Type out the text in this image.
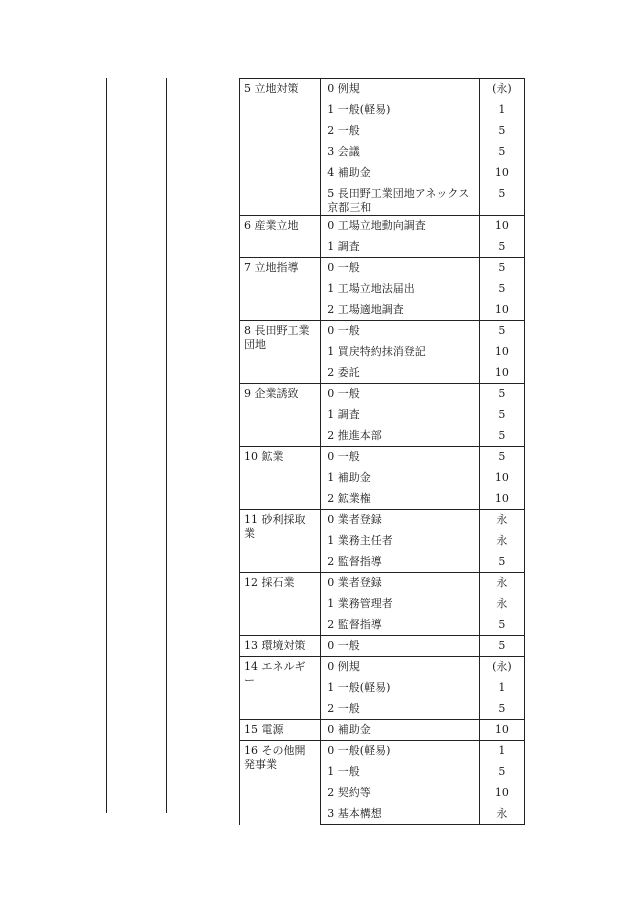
5 立地対策	0 例規	(永)
	1 一般(軽易)	1
	2 一般	5
	3 会議	5
	4 補助金	10
	5 長田野工業団地アネックス京都三和	5
6 産業立地	0 工場立地動向調査	10
	1 調査	5
7 立地指導	0 一般	5
	1 工場立地法届出	5
	2 工場適地調査	10
8 長田野工業団地	0 一般	5
	1 買戻特約抹消登記	10
	2 委託	10
9 企業誘致	0 一般	5
	1 調査	5
	2 推進本部	5
10 鉱業	0 一般	5
	1 補助金	10
	2 鉱業権	10
11 砂利採取業	0 業者登録	永
	1 業務主任者	永
	2 監督指導	5
12 採石業	0 業者登録	永
	1 業務管理者	永
	2 監督指導	5
13 環境対策	0 一般	5
14 エネルギー	0 例規	(永)
	1 一般(軽易)	1
	2 一般	5
15 電源	0 補助金	10
16 その他開発事業	0 一般(軽易)	1
	1 一般	5
	2 契約等	10
	3 基本構想	永
